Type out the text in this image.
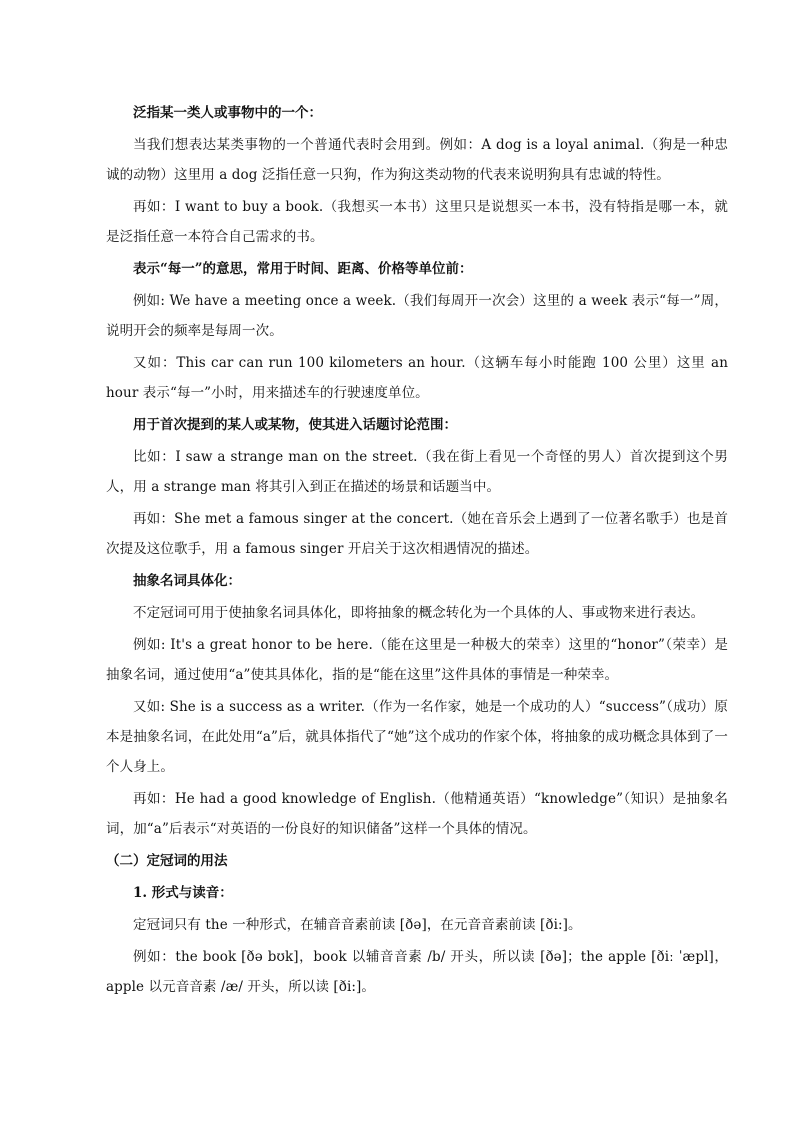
泛指某一类人或事物中的一个：

当我们想表达某类事物的一个普通代表时会用到。例如：A dog is a loyal animal.（狗是一种忠诚的动物）这里用 a dog 泛指任意一只狗，作为狗这类动物的代表来说明狗具有忠诚的特性。

再如：I want to buy a book.（我想买一本书）这里只是说想买一本书，没有特指是哪一本，就是泛指任意一本符合自己需求的书。

表示“每一”的意思，常用于时间、距离、价格等单位前：

例如: We have a meeting once a week.（我们每周开一次会）这里的 a week 表示“每一”周，说明开会的频率是每周一次。

又如：This car can run 100 kilometers an hour.（这辆车每小时能跑 100 公里）这里 an hour 表示“每一”小时，用来描述车的行驶速度单位。

用于首次提到的某人或某物，使其进入话题讨论范围：

比如：I saw a strange man on the street.（我在街上看见一个奇怪的男人）首次提到这个男人，用 a strange man 将其引入到正在描述的场景和话题当中。

再如：She met a famous singer at the concert.（她在音乐会上遇到了一位著名歌手）也是首次提及这位歌手，用 a famous singer 开启关于这次相遇情况的描述。

抽象名词具体化：

不定冠词可用于使抽象名词具体化，即将抽象的概念转化为一个具体的人、事或物来进行表达。

例如: It's a great honor to be here.（能在这里是一种极大的荣幸）这里的“honor”（荣幸）是抽象名词，通过使用“a”使其具体化，指的是“能在这里”这件具体的事情是一种荣幸。

又如: She is a success as a writer.（作为一名作家，她是一个成功的人）“success”（成功）原本是抽象名词，在此处用“a”后，就具体指代了“她”这个成功的作家个体，将抽象的成功概念具体到了一个人身上。

再如：He had a good knowledge of English.（他精通英语）“knowledge”（知识）是抽象名词，加“a”后表示“对英语的一份良好的知识储备”这样一个具体的情况。

（二）定冠词的用法
1. 形式与读音：

定冠词只有 the 一种形式，在辅音音素前读 [ðə]，在元音音素前读 [ði:]。

例如：the book [ðə bʊk]，book 以辅音音素 /b/ 开头，所以读 [ðə]；the apple [ðiː ˈæpl]，apple 以元音音素 /æ/ 开头，所以读 [ði:]。
